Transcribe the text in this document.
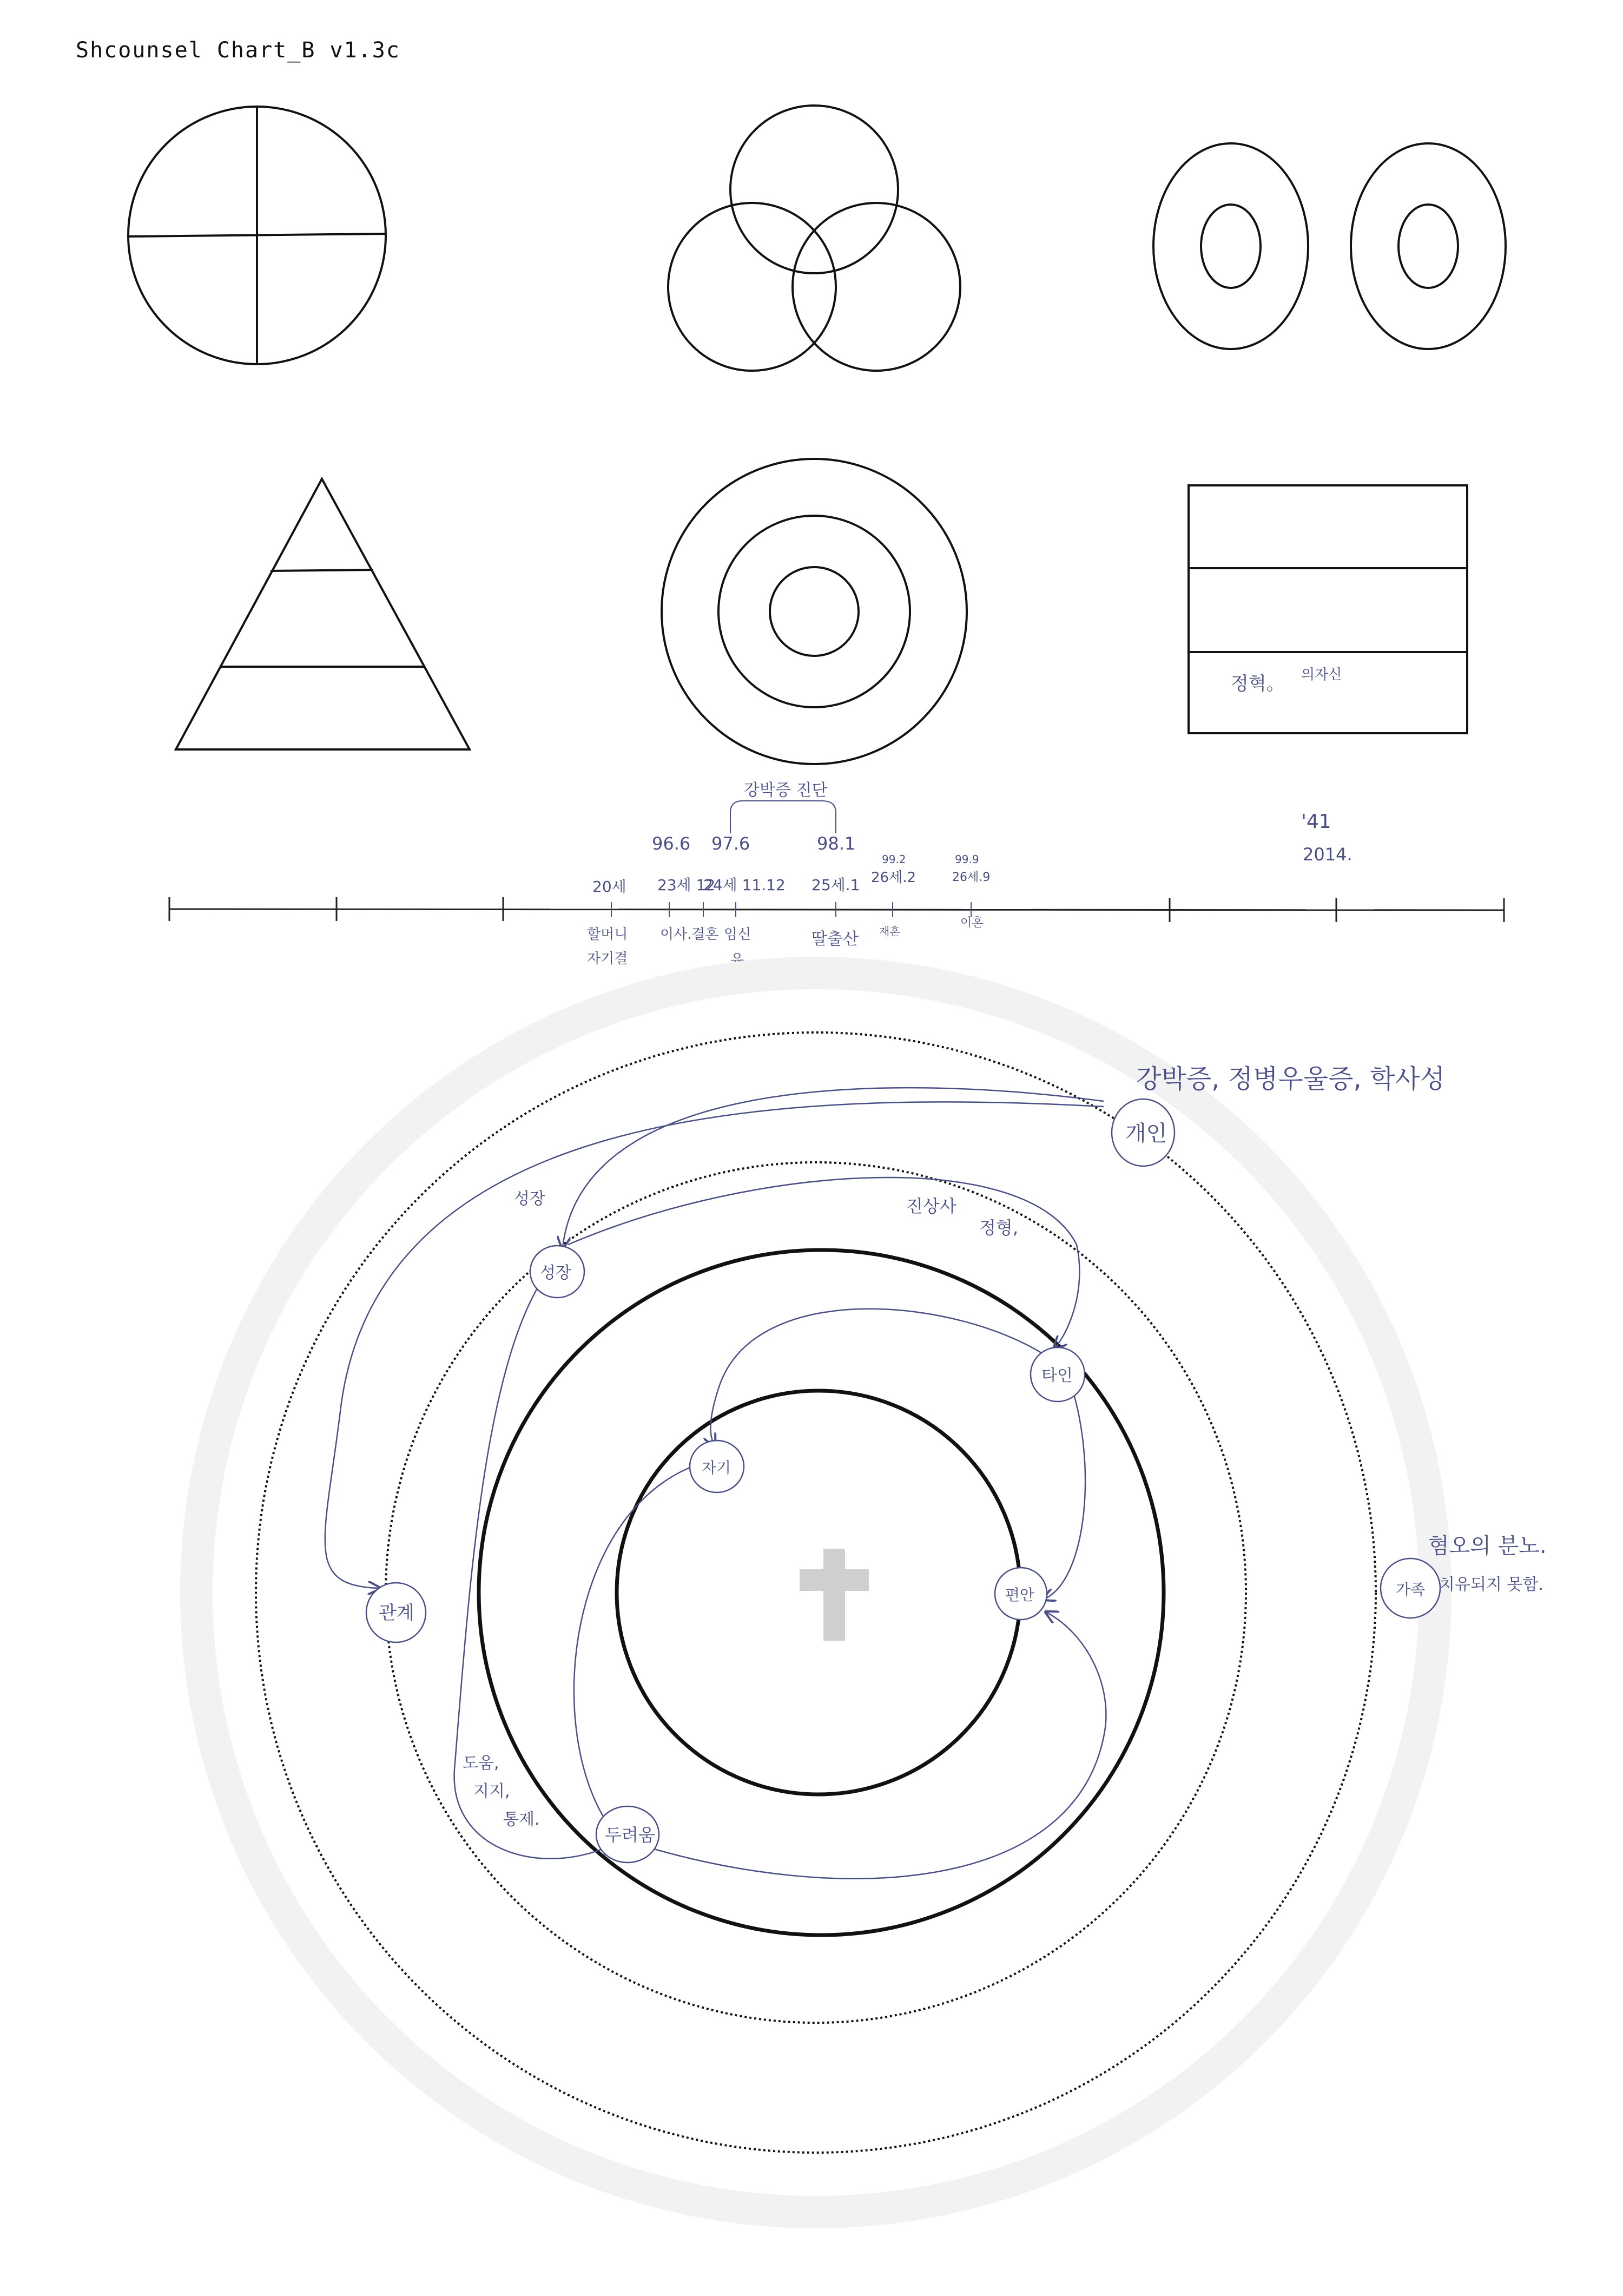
Shcounsel Chart_B v1.3c
정혁。 의자신
강박증 진단
20세
할머니
자기결
96.6
23세 12
이사. 결혼
97.6
24세 11.12
임신
유.
98.1
25세.1
딸출산
99.2
26세.2
재혼
99.9
26세.9
이혼
'41
2014.
개인
성장
타인
자기
관계
편안
두려움
가족
강박증, 정병우울증, 학사성
진상사
정형,
성장
혐오의 분노.
치유되지 못함.
도움,
지지,
통제.
